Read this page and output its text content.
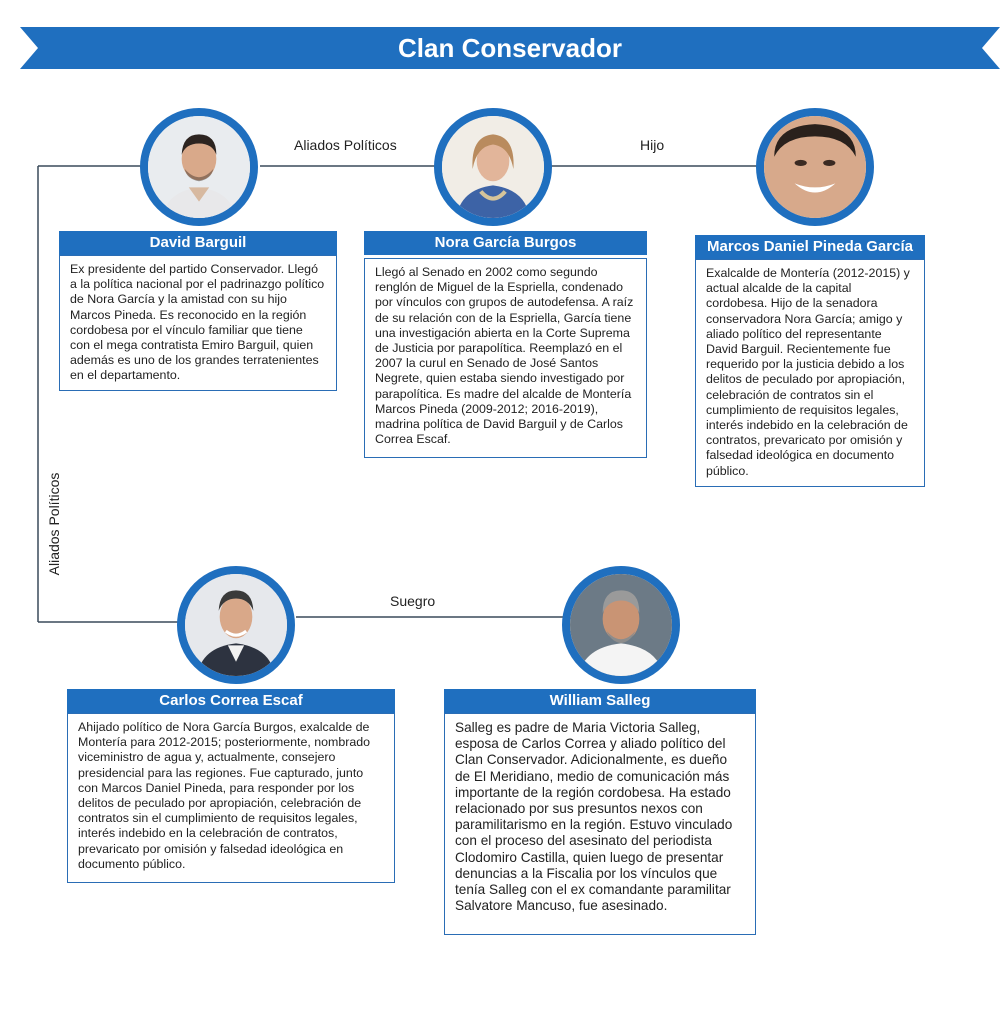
Clan Conservador
Aliados Políticos	Hijo
Aliados Políticos
Suegro
David Barguil	Nora García Burgos	Marcos Daniel Pineda García
Carlos Correa Escaf	William Salleg
Ex presidente del partido Conservador. Llegó a la política nacional por el padrinazgo político de Nora García y la amistad con su hijo Marcos Pineda. Es reconocido en la región cordobesa por el vínculo familiar que tiene con el mega contratista Emiro Barguil, quien además es uno de los grandes terratenientes en el departamento.
Llegó al Senado en 2002 como segundo renglón de Miguel de la Espriella, condenado por vínculos con grupos de autodefensa. A raíz de su relación con de la Espriella, García tiene una investigación abierta en la Corte Suprema de Justicia por parapolítica. Reemplazó en el 2007 la curul en Senado de José Santos Negrete, quien estaba siendo investigado por parapolítica. Es madre del alcalde de Montería Marcos Pineda (2009-2012; 2016-2019), madrina política de David Barguil y de Carlos Correa Escaf.
Exalcalde de Montería (2012-2015) y actual alcalde de la capital cordobesa. Hijo de la senadora conservadora Nora García; amigo y aliado político del representante David Barguil. Recientemente fue requerido por la justicia debido a los delitos de peculado por apropiación, celebración de contratos sin el cumplimiento de requisitos legales, interés indebido en la celebración de contratos, prevaricato por omisión y falsedad ideológica en documento público.
Ahijado político de Nora García Burgos, exalcalde de Montería para 2012-2015; posteriormente, nombrado viceministro de agua y, actualmente, consejero presidencial para las regiones. Fue capturado, junto con Marcos Daniel Pineda, para responder por los delitos de peculado por apropiación, celebración de contratos sin el cumplimiento de requisitos legales, interés indebido en la celebración de contratos, prevaricato por omisión y falsedad ideológica en documento público.
Salleg es padre de Maria Victoria Salleg, esposa de Carlos Correa y aliado político del Clan Conservador. Adicionalmente, es dueño de El Meridiano, medio de comunicación más importante de la región cordobesa. Ha estado relacionado por sus presuntos nexos con paramilitarismo en la región. Estuvo vinculado con el proceso del asesinato del periodista Clodomiro Castilla, quien luego de presentar denuncias a la Fiscalia por los vínculos que tenía Salleg con el ex comandante paramilitar Salvatore Mancuso, fue asesinado.
